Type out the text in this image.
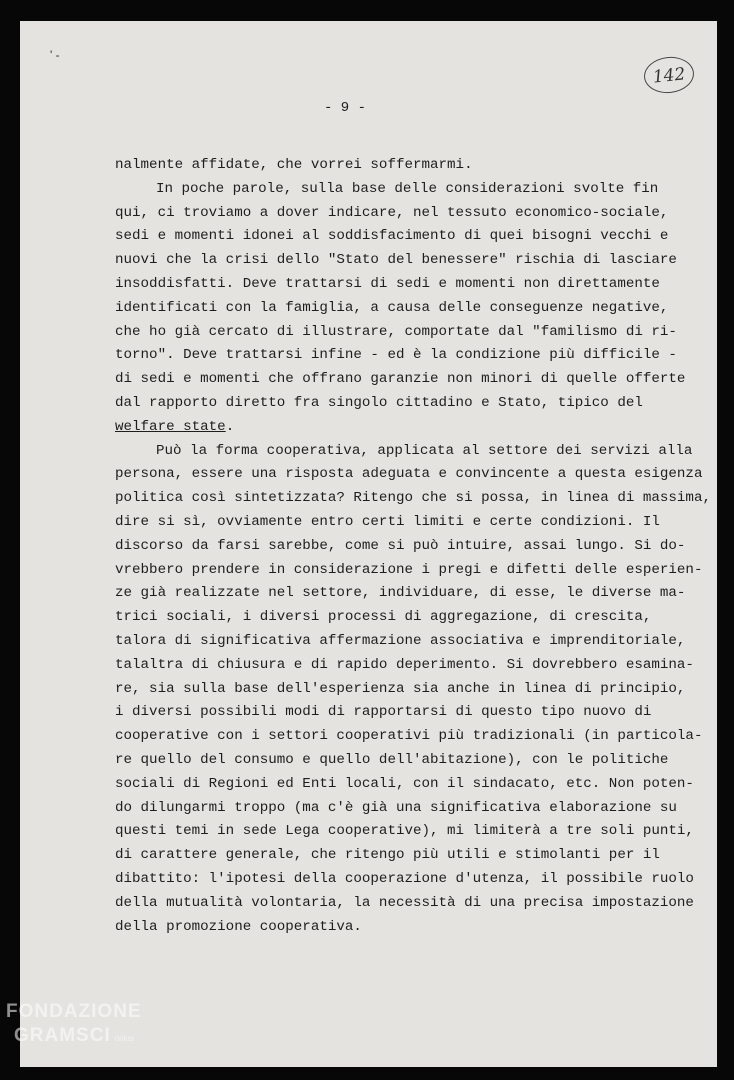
' -
142
- 9 -
nalmente affidate, che vorrei soffermarmi.
In poche parole, sulla base delle considerazioni svolte fin
qui, ci troviamo a dover indicare, nel tessuto economico-sociale,
sedi e momenti idonei al soddisfacimento di quei bisogni vecchi e
nuovi che la crisi dello "Stato del benessere" rischia di lasciare
insoddisfatti. Deve trattarsi di sedi e momenti non direttamente
identificati con la famiglia, a causa delle conseguenze negative,
che ho già cercato di illustrare, comportate dal "familismo di ri-
torno". Deve trattarsi infine - ed è la condizione più difficile -
di sedi e momenti che offrano garanzie non minori di quelle offerte
dal rapporto diretto fra singolo cittadino e Stato, tipico del
welfare state.
Può la forma cooperativa, applicata al settore dei servizi alla
persona, essere una risposta adeguata e convincente a questa esigenza
politica così sintetizzata? Ritengo che si possa, in linea di massima,
dire si sì, ovviamente entro certi limiti e certe condizioni. Il
discorso da farsi sarebbe, come si può intuire, assai lungo. Si do-
vrebbero prendere in considerazione i pregi e difetti delle esperien-
ze già realizzate nel settore, individuare, di esse, le diverse ma-
trici sociali, i diversi processi di aggregazione, di crescita,
talora di significativa affermazione associativa e imprenditoriale,
talaltra di chiusura e di rapido deperimento. Si dovrebbero esamina-
re, sia sulla base dell'esperienza sia anche in linea di principio,
i diversi possibili modi di rapportarsi di questo tipo nuovo di
cooperative con i settori cooperativi più tradizionali (in particola-
re quello del consumo e quello dell'abitazione), con le politiche
sociali di Regioni ed Enti locali, con il sindacato, etc. Non poten-
do dilungarmi troppo (ma c'è già una significativa elaborazione su
questi temi in sede Lega cooperative), mi limiterà a tre soli punti,
di carattere generale, che ritengo più utili e stimolanti per il
dibattito: l'ipotesi della cooperazione d'utenza, il possibile ruolo
della mutualità volontaria, la necessità di una precisa impostazione
della promozione cooperativa.
FONDAZIONE
GRAMSCI onlus
